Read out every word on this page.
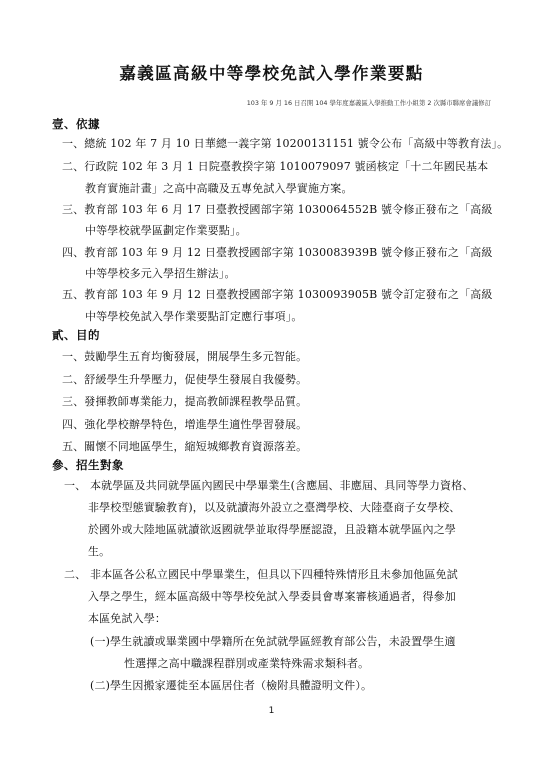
嘉義區高級中等學校免試入學作業要點
103 年 9 月 16 日召開 104 學年度嘉義區入學推動工作小組第 2 次縣市聯席會議修訂
壹、依據
一、總統 102 年 7 月 10 日華總一義字第 10200131151 號令公布「高級中等教育法」。
二、行政院 102 年 3 月 1 日院臺教揆字第 1010079097 號函核定「十二年國民基本
教育實施計畫」之高中高職及五專免試入學實施方案。
三、教育部 103 年 6 月 17 日臺教授國部字第 1030064552B 號令修正發布之「高級
中等學校就學區劃定作業要點」。
四、教育部 103 年 9 月 12 日臺教授國部字第 1030083939B 號令修正發布之「高級
中等學校多元入學招生辦法」。
五、教育部 103 年 9 月 12 日臺教授國部字第 1030093905B 號令訂定發布之「高級
中等學校免試入學作業要點訂定應行事項」。
貳、目的
一、鼓勵學生五育均衡發展，開展學生多元智能。
二、舒緩學生升學壓力，促使學生發展自我優勢。
三、發揮教師專業能力，提高教師課程教學品質。
四、強化學校辦學特色，增進學生適性學習發展。
五、關懷不同地區學生，縮短城鄉教育資源落差。
參、招生對象
一、 本就學區及共同就學區內國民中學畢業生(含應屆、非應屆、具同等學力資格、
非學校型態實驗教育)，以及就讀海外設立之臺灣學校、大陸臺商子女學校、
於國外或大陸地區就讀欲返國就學並取得學歷認證，且設籍本就學區內之學
生。
二、 非本區各公私立國民中學畢業生，但具以下四種特殊情形且未參加他區免試
入學之學生，經本區高級中等學校免試入學委員會專案審核通過者，得參加
本區免試入學：
(一)學生就讀或畢業國中學籍所在免試就學區經教育部公告，未設置學生適
性選擇之高中職課程群別或產業特殊需求類科者。
(二)學生因搬家遷徙至本區居住者（檢附具體證明文件）。
1
